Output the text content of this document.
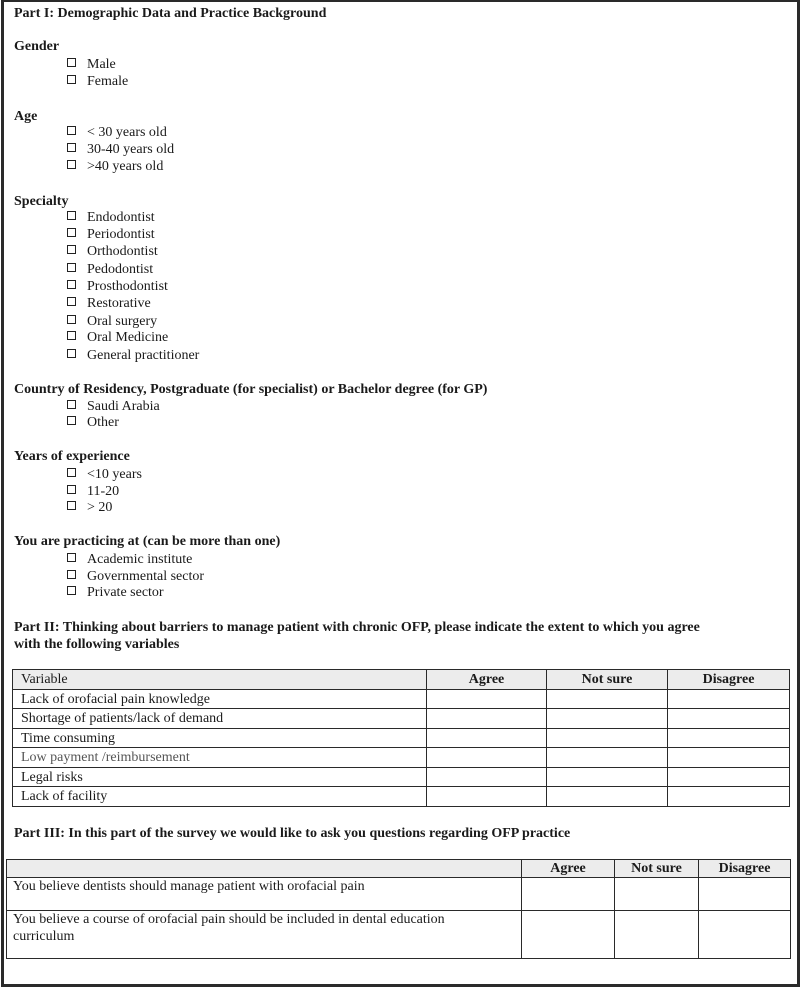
Part I: Demographic Data and Practice Background
Gender
Male
Female
Age
< 30 years old
30-40 years old
>40 years old
Specialty
Endodontist
Periodontist
Orthodontist
Pedodontist
Prosthodontist
Restorative
Oral surgery
Oral Medicine
General practitioner
Country of Residency, Postgraduate (for specialist) or Bachelor degree (for GP)
Saudi Arabia
Other
Years of experience
<10 years
11-20
> 20
You are practicing at (can be more than one)
Academic institute
Governmental sector
Private sector
Part II: Thinking about barriers to manage patient with chronic OFP, please indicate the extent to which you agree
with the following variables
Variable	Agree	Not sure	Disagree
Lack of orofacial pain knowledge			
Shortage of patients/lack of demand			
Time consuming			
Low payment /reimbursement			
Legal risks			
Lack of facility			
Part III: In this part of the survey we would like to ask you questions regarding OFP practice
	Agree	Not sure	Disagree

You believe dentists should manage patient with orofacial pain			

You believe a course of orofacial pain should be included in dental education
curriculum			
